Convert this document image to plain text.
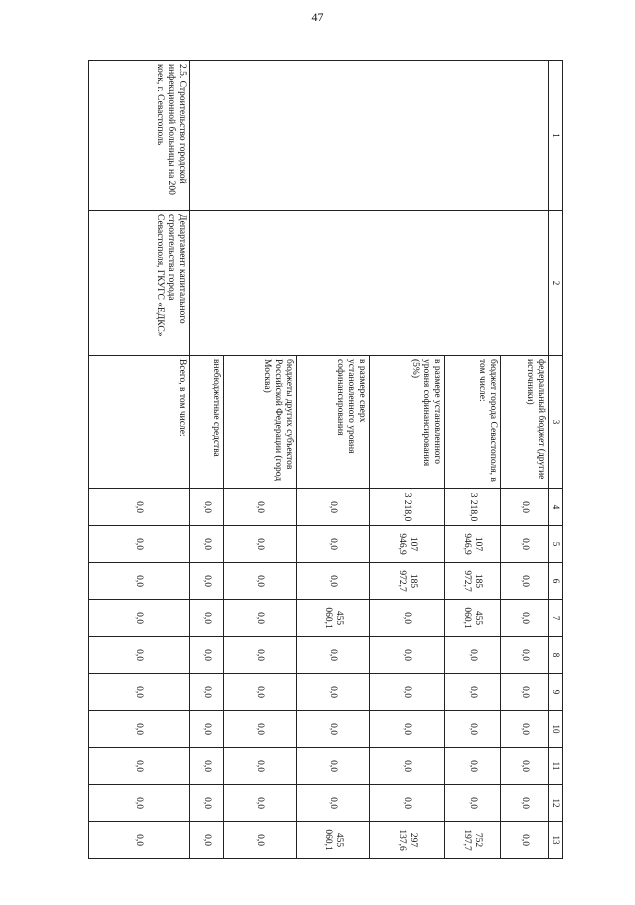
47
1	2	3	4	5	6	7	8	9	10	11	12	13
		федеральный бюджет (другие источники)	0,0	0,0	0,0	0,0	0,0	0,0	0,0	0,0	0,0	0,0
		бюджет города Севастополя, в том числе:	3 218,0	107 946,9	185 972,7	455 060,1	0,0	0,0	0,0	0,0	0,0	752 197,7
		в размере установленного уровня софинансирования (5%)	3 218,0	107 946,9	185 972,7	0,0	0,0	0,0	0,0	0,0	0,0	297 137,6
		в размере сверх установленного уровня софинансирования	0,0	0,0	0,0	455 060,1	0,0	0,0	0,0	0,0	0,0	455 060,1
		бюджеты других субъектов Российской Федерации (город Москва)	0,0	0,0	0,0	0,0	0,0	0,0	0,0	0,0	0,0	0,0
		внебюджетные средства	0,0	0,0	0,0	0,0	0,0	0,0	0,0	0,0	0,0	0,0

2.5. Строительство городской инфекционной больницы на 200 коек, г. Севастополь	Департамент капитального строительства города Севастополя, ГКУГС «ЕДКС»	Всего, в том числе:	0,0	0,0	0,0	0,0	0,0	0,0	0,0	0,0	0,0	0,0
